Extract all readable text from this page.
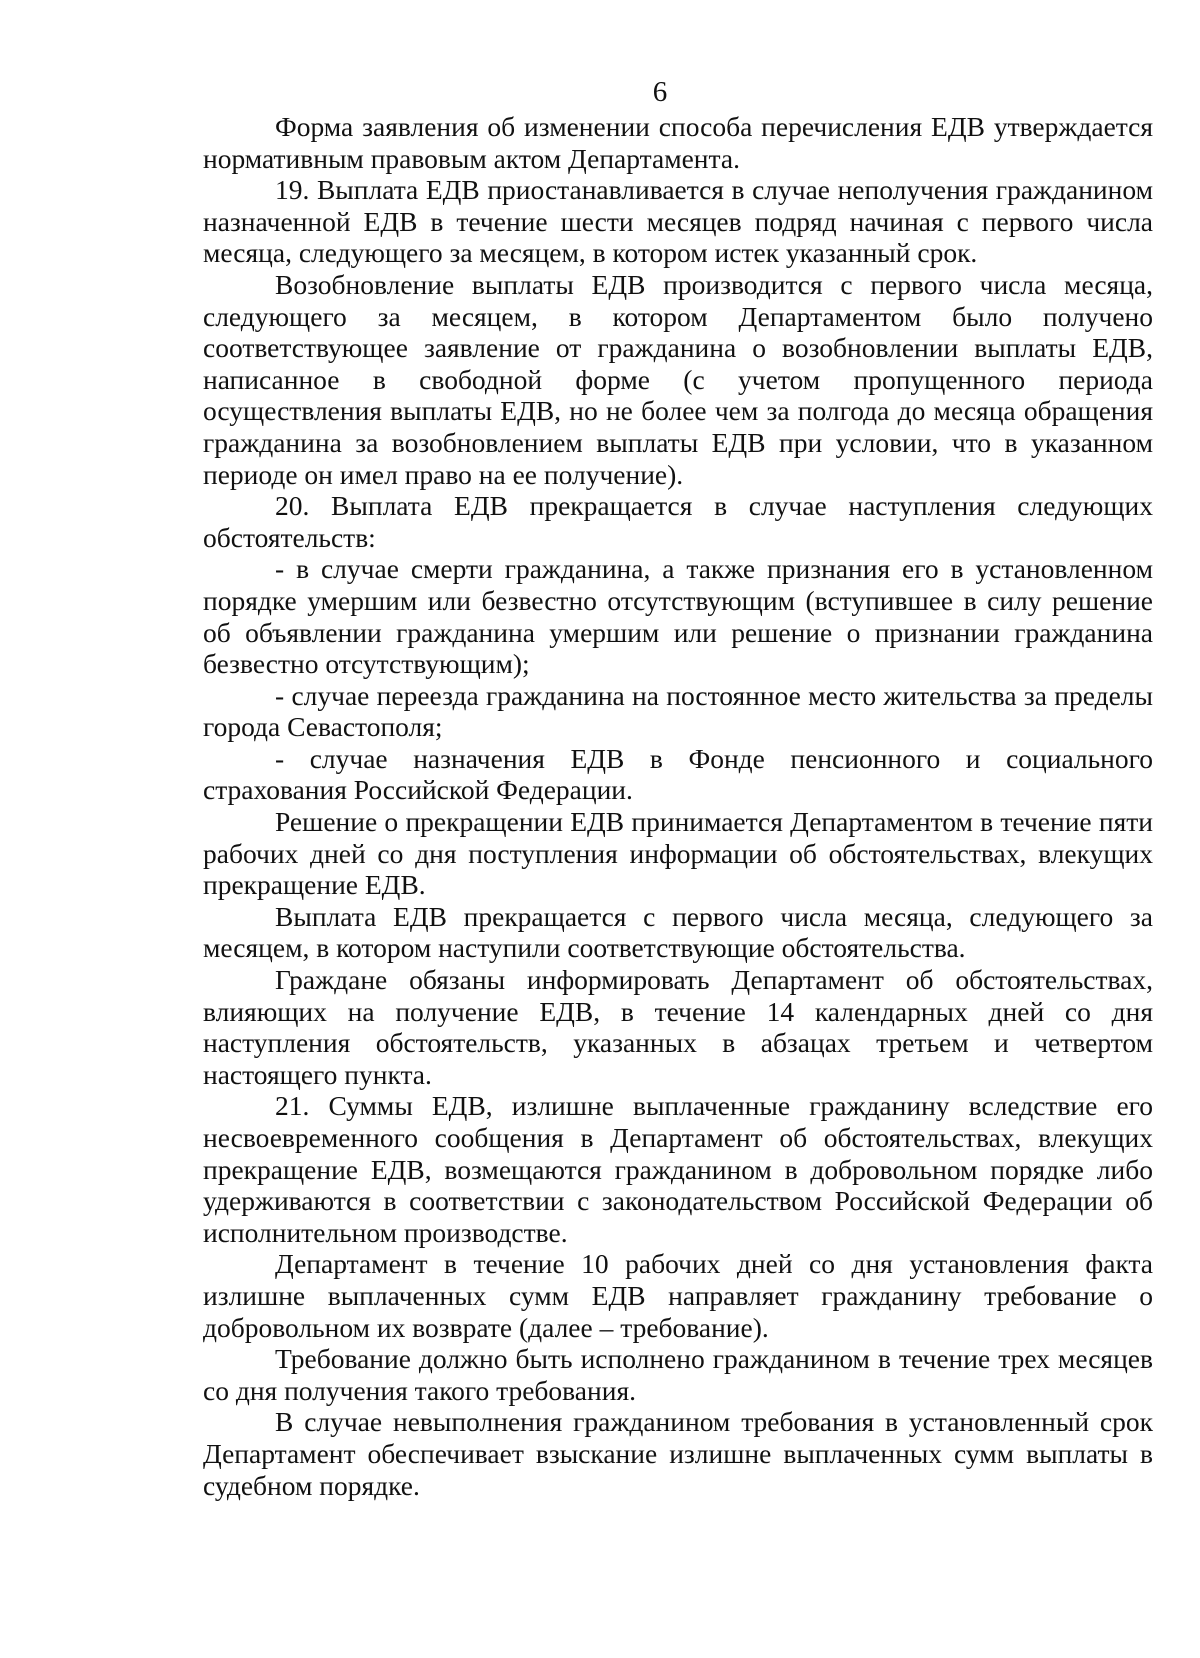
6

Форма заявления об изменении способа перечисления ЕДВ утверждается нормативным правовым актом Департамента.

19. Выплата ЕДВ приостанавливается в случае неполучения гражданином назначенной ЕДВ в течение шести месяцев подряд начиная с первого числа месяца, следующего за месяцем, в котором истек указанный срок.

Возобновление выплаты ЕДВ производится с первого числа месяца, следующего за месяцем, в котором Департаментом было получено соответствующее заявление от гражданина о возобновлении выплаты ЕДВ, написанное в свободной форме (с учетом пропущенного периода осуществления выплаты ЕДВ, но не более чем за полгода до месяца обращения гражданина за возобновлением выплаты ЕДВ при условии, что в указанном периоде он имел право на ее получение).

20. Выплата ЕДВ прекращается в случае наступления следующих обстоятельств:

- в случае смерти гражданина, а также признания его в установленном порядке умершим или безвестно отсутствующим (вступившее в силу решение об объявлении гражданина умершим или решение о признании гражданина безвестно отсутствующим);

- случае переезда гражданина на постоянное место жительства за пределы города Севастополя;

- случае назначения ЕДВ в Фонде пенсионного и социального страхования Российской Федерации.

Решение о прекращении ЕДВ принимается Департаментом в течение пяти рабочих дней со дня поступления информации об обстоятельствах, влекущих прекращение ЕДВ.

Выплата ЕДВ прекращается с первого числа месяца, следующего за месяцем, в котором наступили соответствующие обстоятельства.

Граждане обязаны информировать Департамент об обстоятельствах, влияющих на получение ЕДВ, в течение 14 календарных дней со дня наступления обстоятельств, указанных в абзацах третьем и четвертом настоящего пункта.

21. Суммы ЕДВ, излишне выплаченные гражданину вследствие его несвоевременного сообщения в Департамент об обстоятельствах, влекущих прекращение ЕДВ, возмещаются гражданином в добровольном порядке либо удерживаются в соответствии с законодательством Российской Федерации об исполнительном производстве.

Департамент в течение 10 рабочих дней со дня установления факта излишне выплаченных сумм ЕДВ направляет гражданину требование о добровольном их возврате (далее – требование).

Требование должно быть исполнено гражданином в течение трех месяцев со дня получения такого требования.

В случае невыполнения гражданином требования в установленный срок Департамент обеспечивает взыскание излишне выплаченных сумм выплаты в судебном порядке.
